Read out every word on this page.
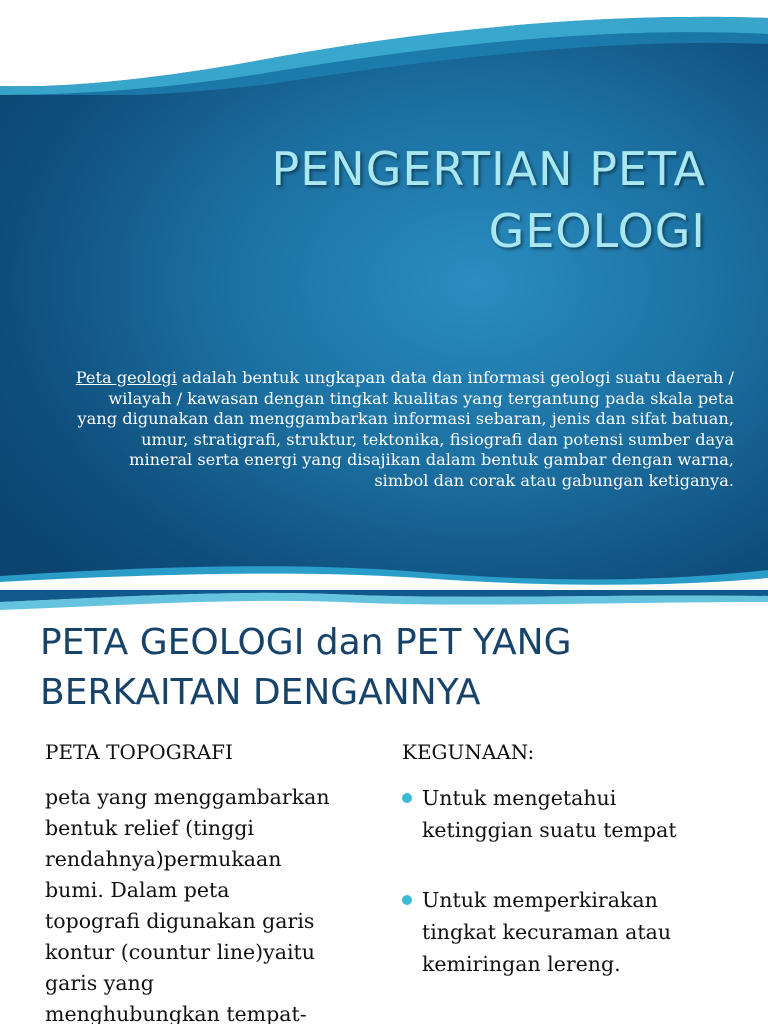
PENGERTIAN PETA
GEOLOGI

Peta geologi adalah bentuk ungkapan data dan informasi geologi suatu daerah / wilayah / kawasan dengan tingkat kualitas yang tergantung pada skala peta yang digunakan dan menggambarkan informasi sebaran, jenis dan sifat batuan, umur, stratigrafi, struktur, tektonika, fisiografi dan potensi sumber daya mineral serta energi yang disajikan dalam bentuk gambar dengan warna, simbol dan corak atau gabungan ketiganya.

PETA GEOLOGI dan PET YANG
BERKAITAN DENGANNYA
PETA TOPOGRAFI

peta yang menggambarkan
bentuk relief (tinggi
rendahnya)permukaan
bumi. Dalam peta
topografi digunakan garis
kontur (countur line)yaitu
garis yang
menghubungkan tempat-

KEGUNAAN:
Untuk mengetahui
ketinggian suatu tempat
Untuk memperkirakan
tingkat kecuraman atau
kemiringan lereng.
